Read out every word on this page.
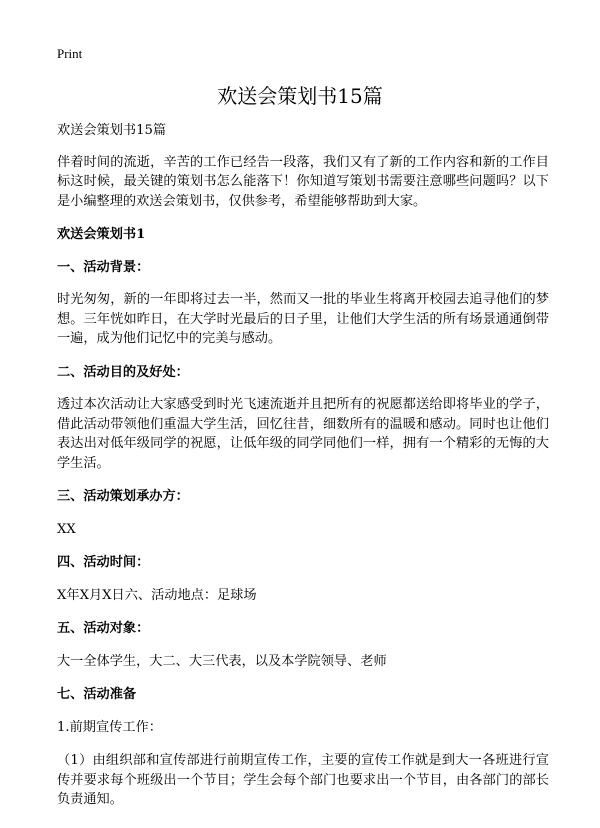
Print
欢送会策划书15篇

欢送会策划书15篇

伴着时间的流逝，辛苦的工作已经告一段落，我们又有了新的工作内容和新的工作目标这时候，最关键的策划书怎么能落下！你知道写策划书需要注意哪些问题吗？以下是小编整理的欢送会策划书，仅供参考，希望能够帮助到大家。

欢送会策划书1

一、活动背景：

时光匆匆，新的一年即将过去一半，然而又一批的毕业生将离开校园去追寻他们的梦想。三年恍如昨日，在大学时光最后的日子里，让他们大学生活的所有场景通通倒带一遍，成为他们记忆中的完美与感动。

二、活动目的及好处：

透过本次活动让大家感受到时光飞速流逝并且把所有的祝愿都送给即将毕业的学子，借此活动带领他们重温大学生活，回忆往昔，细数所有的温暖和感动。同时也让他们表达出对低年级同学的祝愿，让低年级的同学同他们一样，拥有一个精彩的无悔的大学生活。

三、活动策划承办方：

XX

四、活动时间：

X年X月X日六、活动地点：足球场

五、活动对象：

大一全体学生，大二、大三代表，以及本学院领导、老师

七、活动准备

1.前期宣传工作：

（1）由组织部和宣传部进行前期宣传工作，主要的宣传工作就是到大一各班进行宣传并要求每个班级出一个节目；学生会每个部门也要求出一个节目，由各部门的部长负责通知。
